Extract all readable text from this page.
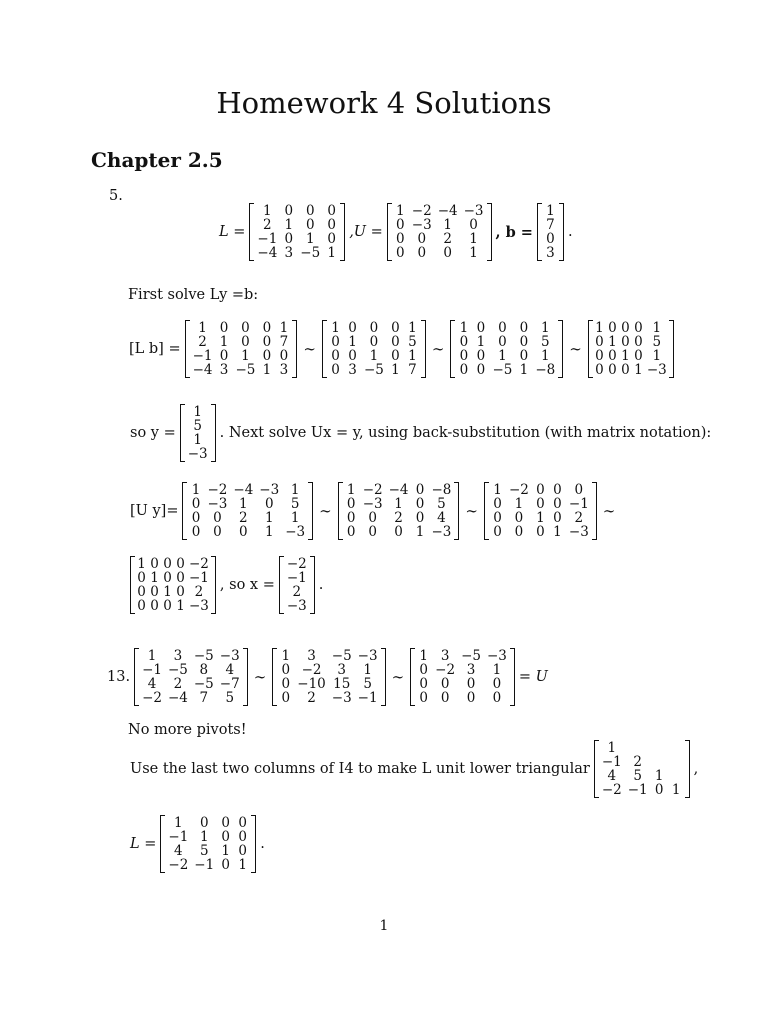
Homework 4 Solutions
Chapter 2.5
5.
L =
1	0	0	0
2	1	0	0
−1	0	1	0
−4	3	−5	1
,U =
1	−2	−4	−3
0	−3	1	0
0	0	2	1
0	0	0	1
, b =
1
7
0
3
.
First solve Ly =b:
[L b] =
1	0	0	0	1
2	1	0	0	7
−1	0	1	0	0
−4	3	−5	1	3
∼
1	0	0	0	1
0	1	0	0	5
0	0	1	0	1
0	3	−5	1	7
∼
1	0	0	0	1
0	1	0	0	5
0	0	1	0	1
0	0	−5	1	−8
∼
1	0	0	0	1
0	1	0	0	5
0	0	1	0	1
0	0	0	1	−3
so y =
1
5
1
−3
. Next solve Ux = y, using back-substitution (with matrix notation):
[U y]=
1	−2	−4	−3	1
0	−3	1	0	5
0	0	2	1	1
0	0	0	1	−3
∼
1	−2	−4	0	−8
0	−3	1	0	5
0	0	2	0	4
0	0	0	1	−3
∼
1	−2	0	0	0
0	1	0	0	−1
0	0	1	0	2
0	0	0	1	−3
∼
1	0	0	0	−2
0	1	0	0	−1
0	0	1	0	2
0	0	0	1	−3
, so x =
−2
−1
2
−3
.
13.
1	3	−5	−3
−1	−5	8	4
4	2	−5	−7
−2	−4	7	5
∼
1	3	−5	−3
0	−2	3	1
0	−10	15	5
0	2	−3	−1
∼
1	3	−5	−3
0	−2	3	1
0	0	0	0
0	0	0	0
= U
No more pivots!
Use the last two columns of I4 to make L unit lower triangular
1			
−1	2		
4	5	1	
−2	−1	0	1
,
L =
1	0	0	0
−1	1	0	0
4	5	1	0
−2	−1	0	1
.
1
